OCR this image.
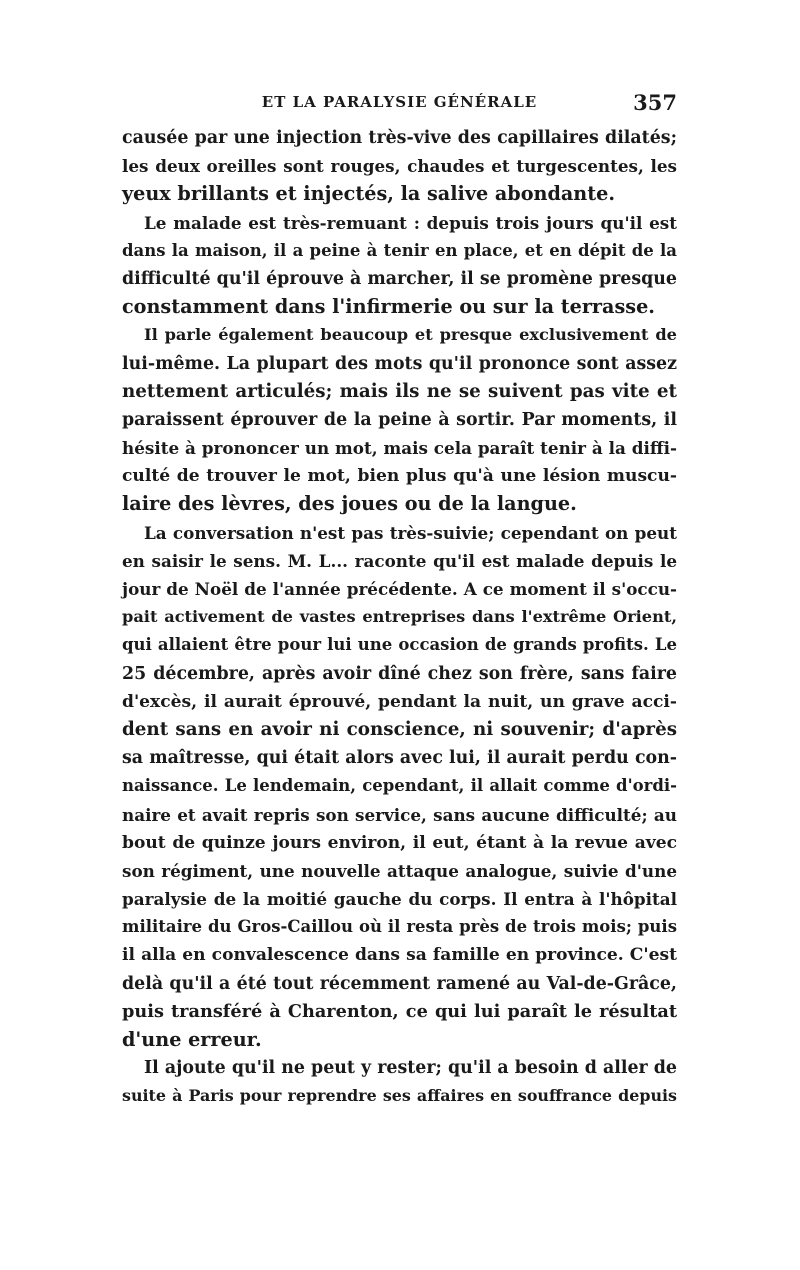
ET LA PARALYSIE GÉNÉRALE	357
causée par une injection très-vive des capillaires dilatés;
les deux oreilles sont rouges, chaudes et turgescentes, les
yeux brillants et injectés, la salive abondante.
Le malade est très-remuant : depuis trois jours qu'il est
dans la maison, il a peine à tenir en place, et en dépit de la
difficulté qu'il éprouve à marcher, il se promène presque
constamment dans l'infirmerie ou sur la terrasse.
Il parle également beaucoup et presque exclusivement de
lui-même. La plupart des mots qu'il prononce sont assez
nettement articulés; mais ils ne se suivent pas vite et
paraissent éprouver de la peine à sortir. Par moments, il
hésite à prononcer un mot, mais cela paraît tenir à la diffi-
culté de trouver le mot, bien plus qu'à une lésion muscu-
laire des lèvres, des joues ou de la langue.
La conversation n'est pas très-suivie; cependant on peut
en saisir le sens. M. L... raconte qu'il est malade depuis le
jour de Noël de l'année précédente. A ce moment il s'occu-
pait activement de vastes entreprises dans l'extrême Orient,
qui allaient être pour lui une occasion de grands profits. Le
25 décembre, après avoir dîné chez son frère, sans faire
d'excès, il aurait éprouvé, pendant la nuit, un grave acci-
dent sans en avoir ni conscience, ni souvenir; d'après
sa maîtresse, qui était alors avec lui, il aurait perdu con-
naissance. Le lendemain, cependant, il allait comme d'ordi-
naire et avait repris son service, sans aucune difficulté; au
bout de quinze jours environ, il eut, étant à la revue avec
son régiment, une nouvelle attaque analogue, suivie d'une
paralysie de la moitié gauche du corps. Il entra à l'hôpital
militaire du Gros-Caillou où il resta près de trois mois; puis
il alla en convalescence dans sa famille en province. C'est
delà qu'il a été tout récemment ramené au Val-de-Grâce,
puis transféré à Charenton, ce qui lui paraît le résultat
d'une erreur.
Il ajoute qu'il ne peut y rester; qu'il a besoin d aller de
suite à Paris pour reprendre ses affaires en souffrance depuis
